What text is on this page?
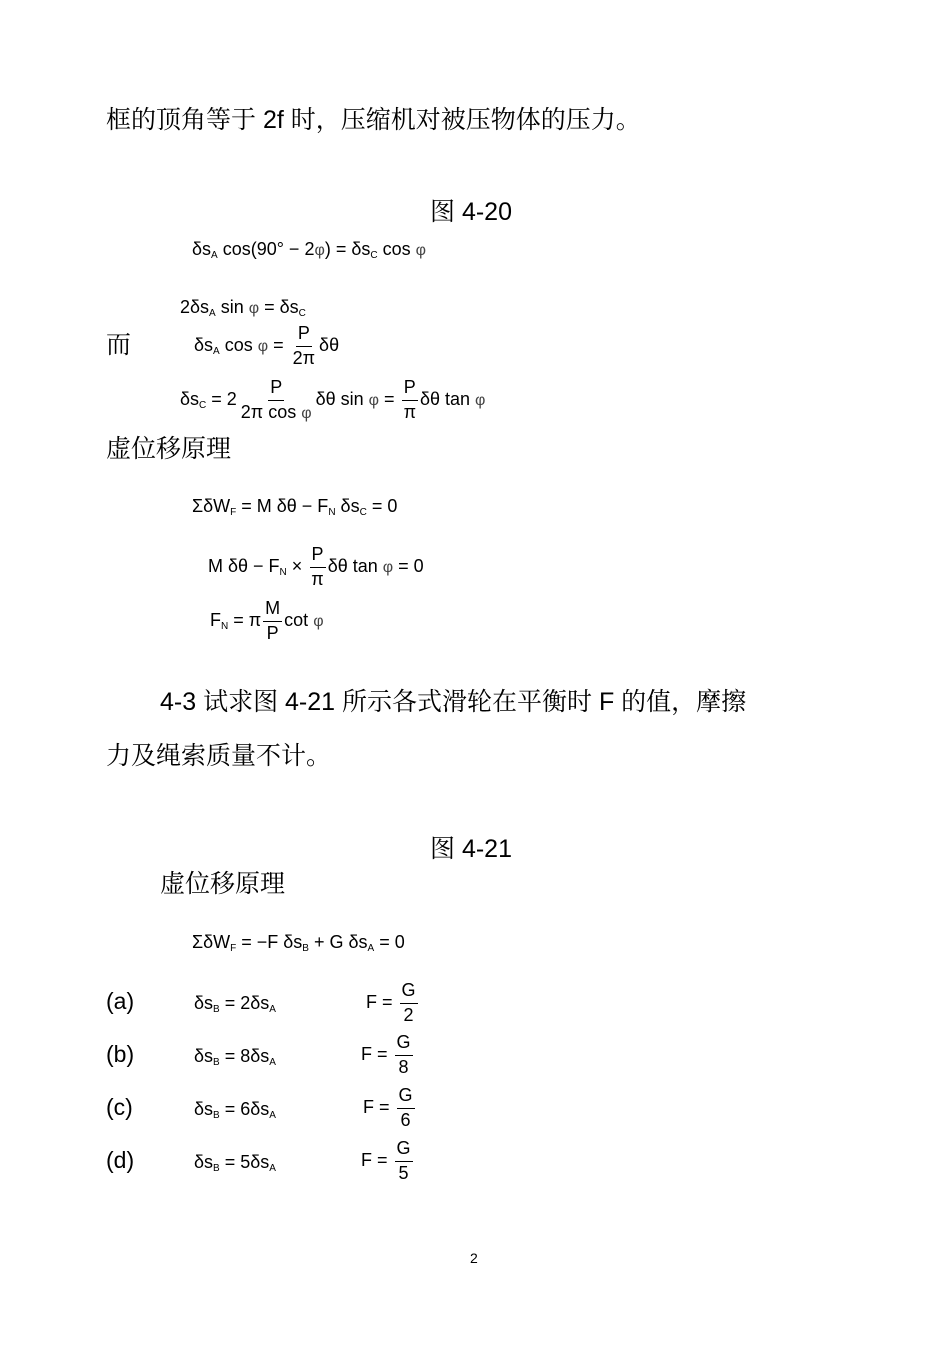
框的顶角等于 2f 时，压缩机对被压物体的压力。
图 4-20
$\delta s_A$ $\cos(90^\circ - 2\varphi) = \delta s_C$ cos φ
$2\delta s_A$ $\sin \varphi = \delta s_C$
而	$\delta s_A$ $\cos \varphi = \frac{P}{2\pi}$ δθ
$\delta s_C = 2 \frac{P}{\text{2π cos φ}}$ δθ $\sin \varphi = \frac{P}{\pi}$ δθ tan φ
虚位移原理
ΣδW$_F$ = M $\delta\theta - F_N$ $\delta s_C = 0$
M $\delta\theta - F_N \times \frac{P}{\pi}$ δθ tan φ = 0
$F_N = \pi \frac{M}{P}$ cot φ
4-3 试求图 4-21 所示各式滑轮在平衡时 F 的值，摩擦
力及绳索质量不计。
图 4-21
虚位移原理
ΣδW$_F$ = −F $\delta s_B + G$ $\delta s_A = 0$
(a)	$\delta s_B = 2\delta s_A$	$F = \frac{G}{2}$
(b)	$\delta s_B = 8\delta s_A$	$F = \frac{G}{8}$
(c)	$\delta s_B = 6\delta s_A$	$F = \frac{G}{6}$
(d)	$\delta s_B = 5\delta s_A$	$F = \frac{G}{5}$
2
